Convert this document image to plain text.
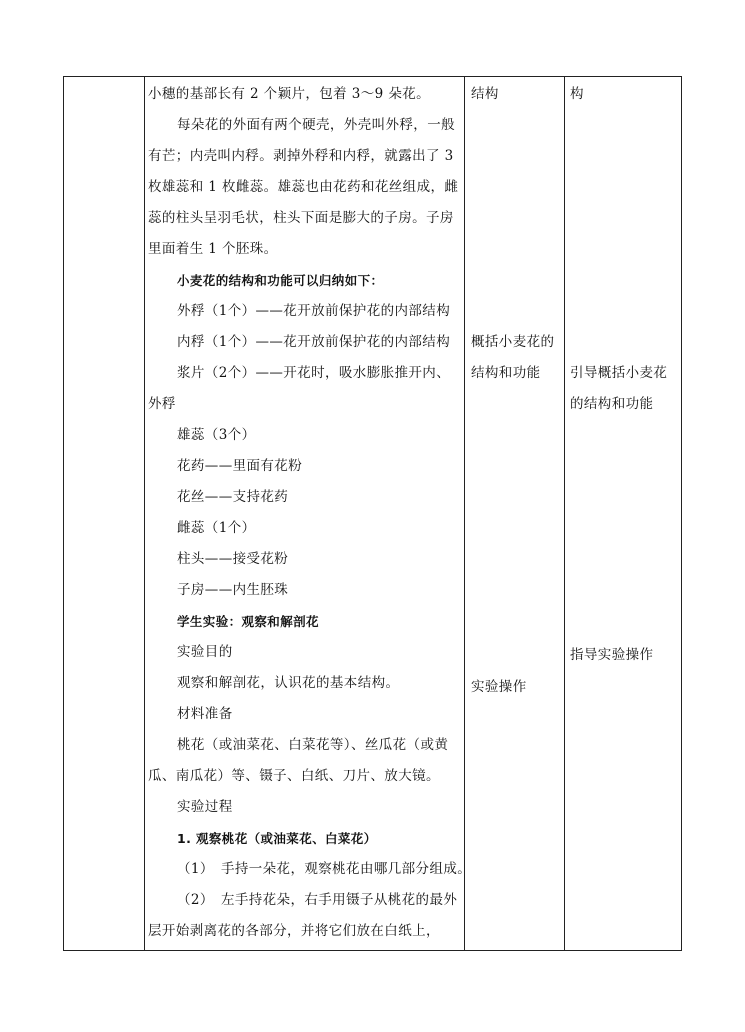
小穗的基部长有 2 个颖片，包着 3～9 朵花。
每朵花的外面有两个硬壳，外壳叫外稃，一般
有芒；内壳叫内稃。剥掉外稃和内稃，就露出了 3
枚雄蕊和 1 枚雌蕊。雄蕊也由花药和花丝组成，雌
蕊的柱头呈羽毛状，柱头下面是膨大的子房。子房
里面着生 1 个胚珠。
小麦花的结构和功能可以归纳如下：
外稃（1个）——花开放前保护花的内部结构
内稃（1个）——花开放前保护花的内部结构
浆片（2个）——开花时，吸水膨胀推开内、
外稃
雄蕊（3个）
花药——里面有花粉
花丝——支持花药
雌蕊（1个）
柱头——接受花粉
子房——内生胚珠
学生实验：观察和解剖花
实验目的
观察和解剖花，认识花的基本结构。
材料准备
桃花（或油菜花、白菜花等）、丝瓜花（或黄
瓜、南瓜花）等、镊子、白纸、刀片、放大镜。
实验过程
1. 观察桃花（或油菜花、白菜花）
（1）　手持一朵花，观察桃花由哪几部分组成。
（2）　左手持花朵，右手用镊子从桃花的最外
层开始剥离花的各部分，并将它们放在白纸上，
结构
概括小麦花的
结构和功能
实验操作
构
引导概括小麦花
的结构和功能
指导实验操作
